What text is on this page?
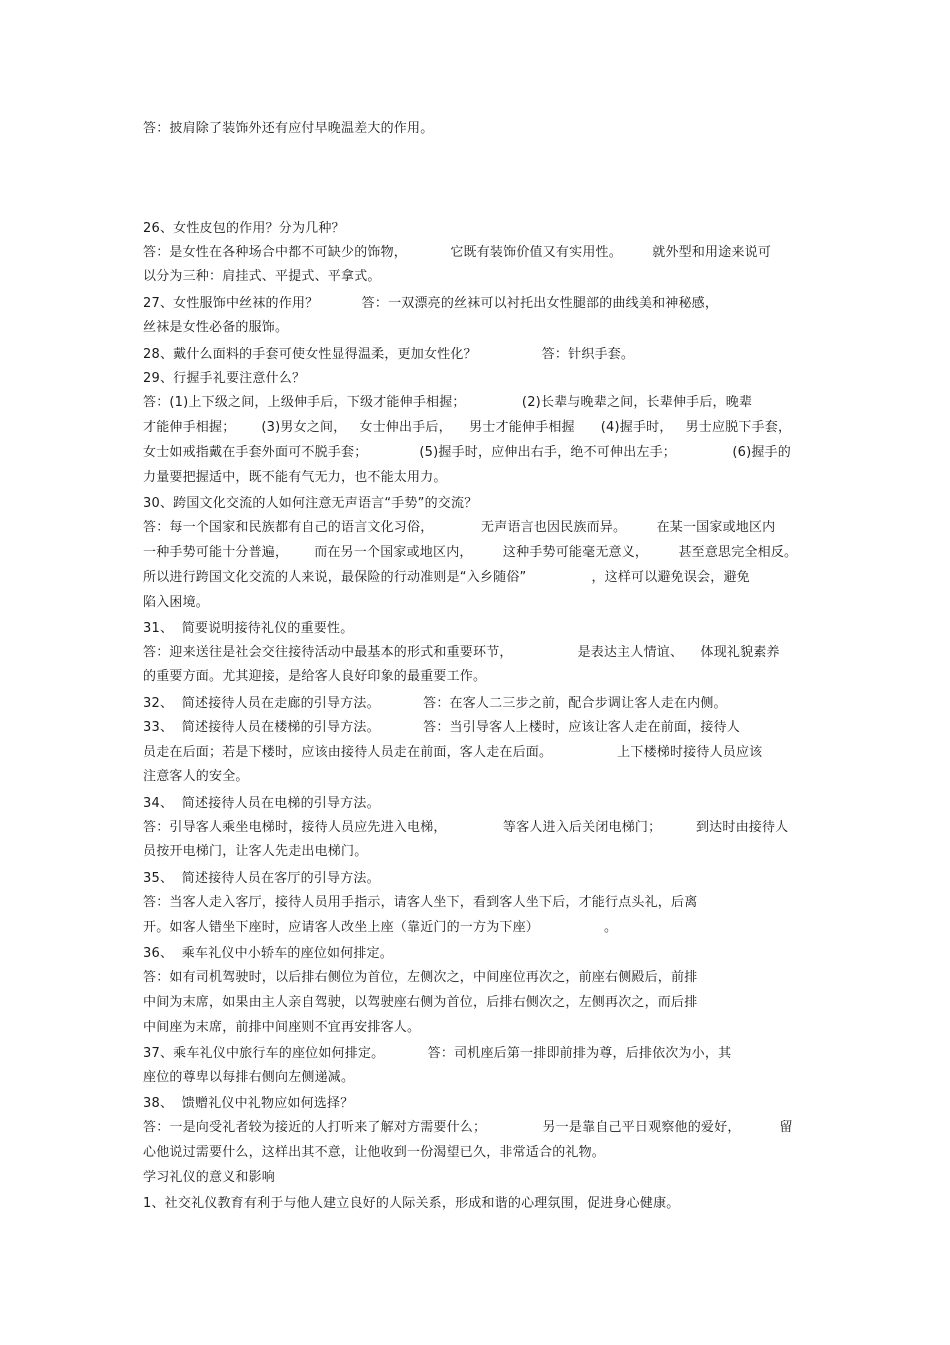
答：披肩除了装饰外还有应付早晚温差大的作用。
26、女性皮包的作用？分为几种？
答：是女性在各种场合中都不可缺少的饰物，          它既有装饰价值又有实用性。       就外型和用途来说可
以分为三种：肩挂式、平提式、平拿式。
27、女性服饰中丝袜的作用？          答：一双漂亮的丝袜可以衬托出女性腿部的曲线美和神秘感，
丝袜是女性必备的服饰。
28、戴什么面料的手套可使女性显得温柔，更加女性化？               答：针织手套。
29、行握手礼要注意什么？
答：(1)上下级之间，上级伸手后，下级才能伸手相握；             (2)长辈与晚辈之间，长辈伸手后，晚辈
才能伸手相握；      (3)男女之间，   女士伸出手后，    男士才能伸手相握      (4)握手时，   男士应脱下手套，
女士如戒指戴在手套外面可不脱手套；            (5)握手时，应伸出右手，绝不可伸出左手；             (6)握手的
力量要把握适中，既不能有气无力，也不能太用力。
30、跨国文化交流的人如何注意无声语言“手势”的交流？
答：每一个国家和民族都有自己的语言文化习俗，           无声语言也因民族而异。       在某一国家或地区内
一种手势可能十分普遍，      而在另一个国家或地区内，       这种手势可能毫无意义，       甚至意思完全相反。
所以进行跨国文化交流的人来说，最保险的行动准则是“入乡随俗”               ，这样可以避免误会，避免
陷入困境。
31、  简要说明接待礼仪的重要性。
答：迎来送往是社会交往接待活动中最基本的形式和重要环节，               是表达主人情谊、    体现礼貌素养
的重要方面。尤其迎接，是给客人良好印象的最重要工作。
32、  简述接待人员在走廊的引导方法。          答：在客人二三步之前，配合步调让客人走在内侧。
33、  简述接待人员在楼梯的引导方法。          答：当引导客人上楼时，应该让客人走在前面，接待人
员走在后面；若是下楼时，应该由接待人员走在前面，客人走在后面。               上下楼梯时接待人员应该
注意客人的安全。
34、  简述接待人员在电梯的引导方法。
答：引导客人乘坐电梯时，接待人员应先进入电梯，             等客人进入后关闭电梯门；        到达时由接待人
员按开电梯门，让客人先走出电梯门。
35、  简述接待人员在客厅的引导方法。
答：当客人走入客厅，接待人员用手指示，请客人坐下，看到客人坐下后，才能行点头礼，后离
开。如客人错坐下座时，应请客人改坐上座（靠近门的一方为下座）               。
36、  乘车礼仪中小轿车的座位如何排定。
答：如有司机驾驶时，以后排右侧位为首位，左侧次之，中间座位再次之，前座右侧殿后，前排
中间为末席，如果由主人亲自驾驶，以驾驶座右侧为首位，后排右侧次之，左侧再次之，而后排
中间座为末席，前排中间座则不宜再安排客人。
37、乘车礼仪中旅行车的座位如何排定。          答：司机座后第一排即前排为尊，后排依次为小，其
座位的尊卑以每排右侧向左侧递减。
38、  馈赠礼仪中礼物应如何选择？
答：一是向受礼者较为接近的人打听来了解对方需要什么；             另一是靠自己平日观察他的爱好，         留
心他说过需要什么，这样出其不意，让他收到一份渴望已久，非常适合的礼物。
学习礼仪的意义和影响
1、社交礼仪教育有利于与他人建立良好的人际关系，形成和谐的心理氛围，促进身心健康。
